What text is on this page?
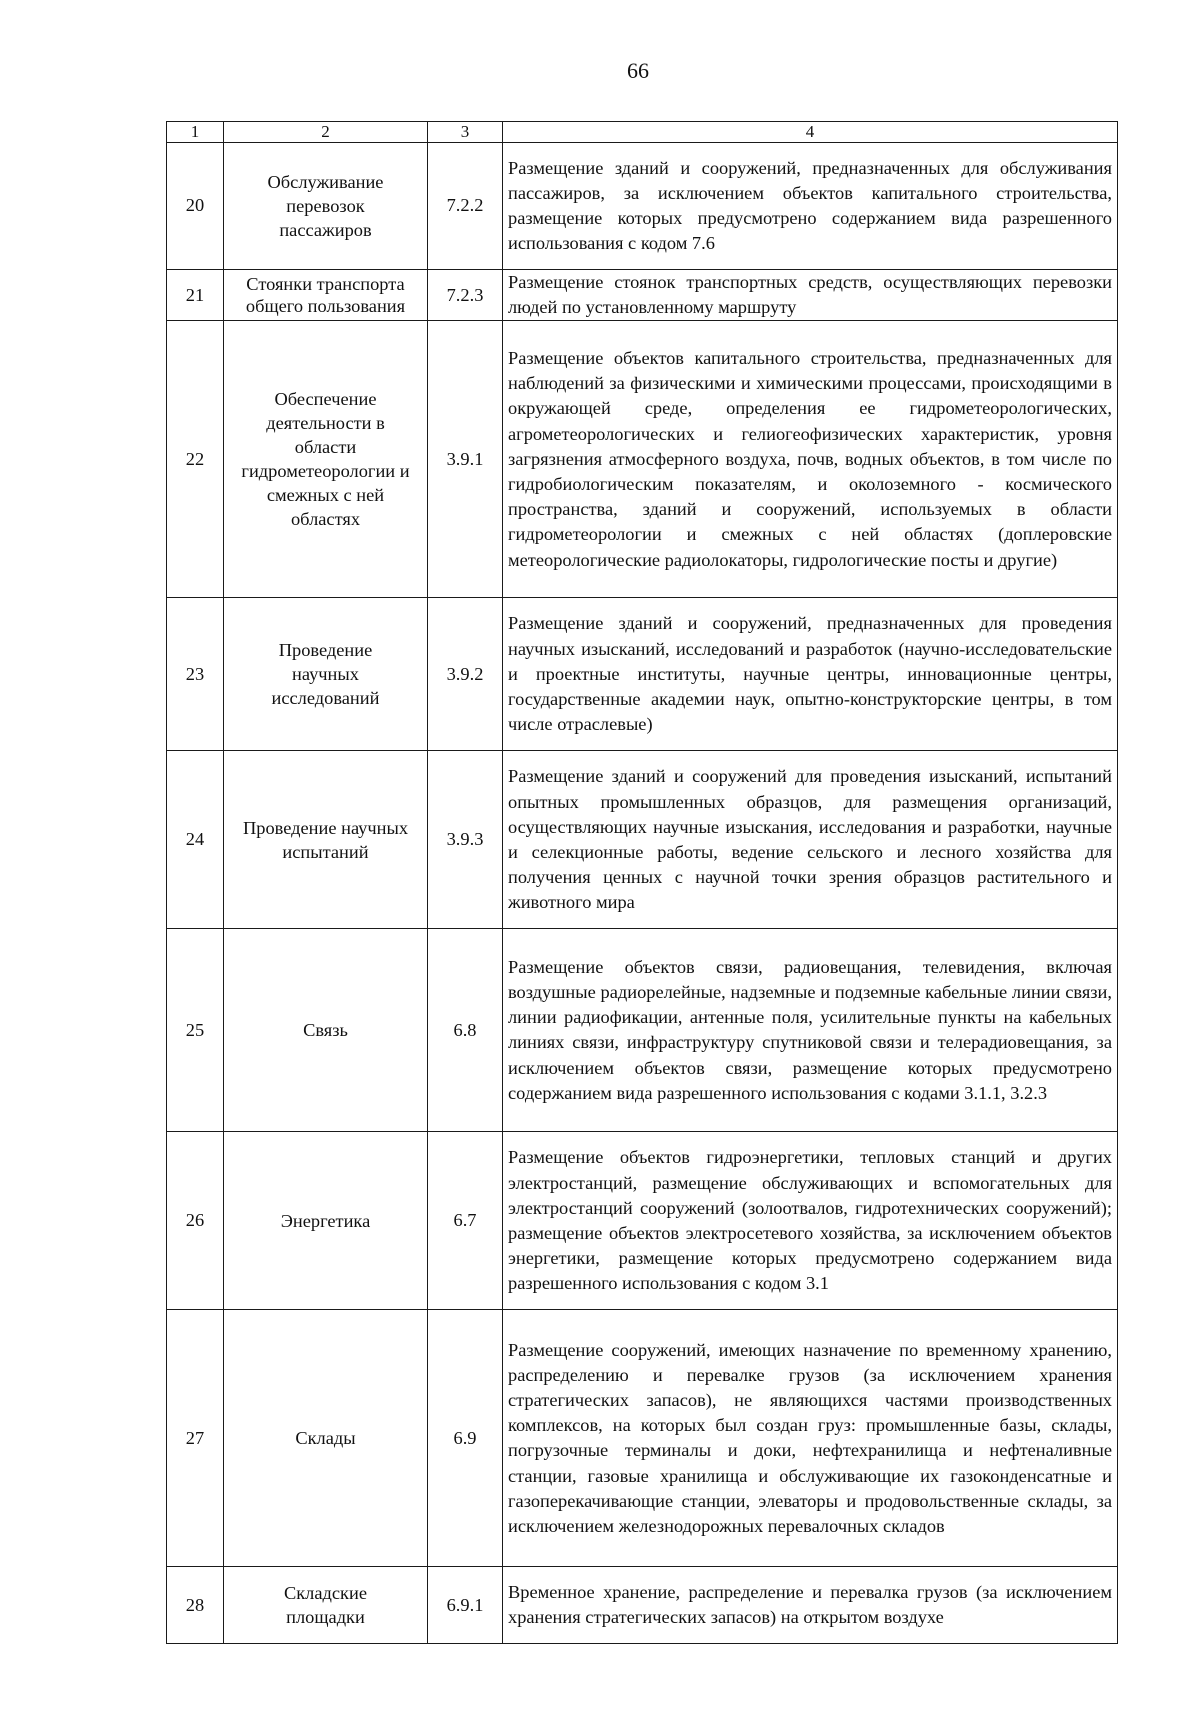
66
1	2	3	4
20	Обслуживание перевозок пассажиров	7.2.2	Размещение зданий и сооружений, предназначенных для обслуживания пассажиров, за исключением объектов капитального строительства, размещение которых предусмотрено содержанием вида разрешенного использования с кодом 7.6
21	Стоянки транспорта общего пользования	7.2.3	Размещение стоянок транспортных средств, осуществляющих перевозки людей по установленному маршруту
22	Обеспечение деятельности в области гидрометеорологии и смежных с ней областях	3.9.1	Размещение объектов капитального строительства, предназначенных для наблюдений за физическими и химическими процессами, происходящими в окружающей среде, определения ее гидрометеорологических, агрометеорологических и гелиогеофизических характеристик, уровня загрязнения атмосферного воздуха, почв, водных объектов, в том числе по гидробиологическим показателям, и околоземного - космического пространства, зданий и сооружений, используемых в области гидрометеорологии и смежных с ней областях (доплеровские метеорологические радиолокаторы, гидрологические посты и другие)
23	Проведение научных исследований	3.9.2	Размещение зданий и сооружений, предназначенных для проведения научных изысканий, исследований и разработок (научно-исследовательские и проектные институты, научные центры, инновационные центры, государственные академии наук, опытно-конструкторские центры, в том числе отраслевые)
24	Проведение научных испытаний	3.9.3	Размещение зданий и сооружений для проведения изысканий, испытаний опытных промышленных образцов, для размещения организаций, осуществляющих научные изыскания, исследования и разработки, научные и селекционные работы, ведение сельского и лесного хозяйства для получения ценных с научной точки зрения образцов растительного и животного мира
25	Связь	6.8	Размещение объектов связи, радиовещания, телевидения, включая воздушные радиорелейные, надземные и подземные кабельные линии связи, линии радиофикации, антенные поля, усилительные пункты на кабельных линиях связи, инфраструктуру спутниковой связи и телерадиовещания, за исключением объектов связи, размещение которых предусмотрено содержанием вида разрешенного использования с кодами 3.1.1, 3.2.3
26	Энергетика	6.7	Размещение объектов гидроэнергетики, тепловых станций и других электростанций, размещение обслуживающих и вспомогательных для электростанций сооружений (золоотвалов, гидротехнических сооружений); размещение объектов электросетевого хозяйства, за исключением объектов энергетики, размещение которых предусмотрено содержанием вида разрешенного использования с кодом 3.1
27	Склады	6.9	Размещение сооружений, имеющих назначение по временному хранению, распределению и перевалке грузов (за исключением хранения стратегических запасов), не являющихся частями производственных комплексов, на которых был создан груз: промышленные базы, склады, погрузочные терминалы и доки, нефтехранилища и нефтеналивные станции, газовые хранилища и обслуживающие их газоконденсатные и газоперекачивающие станции, элеваторы и продовольственные склады, за исключением железнодорожных перевалочных складов
28	Складские площадки	6.9.1	Временное хранение, распределение и перевалка грузов (за исключением хранения стратегических запасов) на открытом воздухе
